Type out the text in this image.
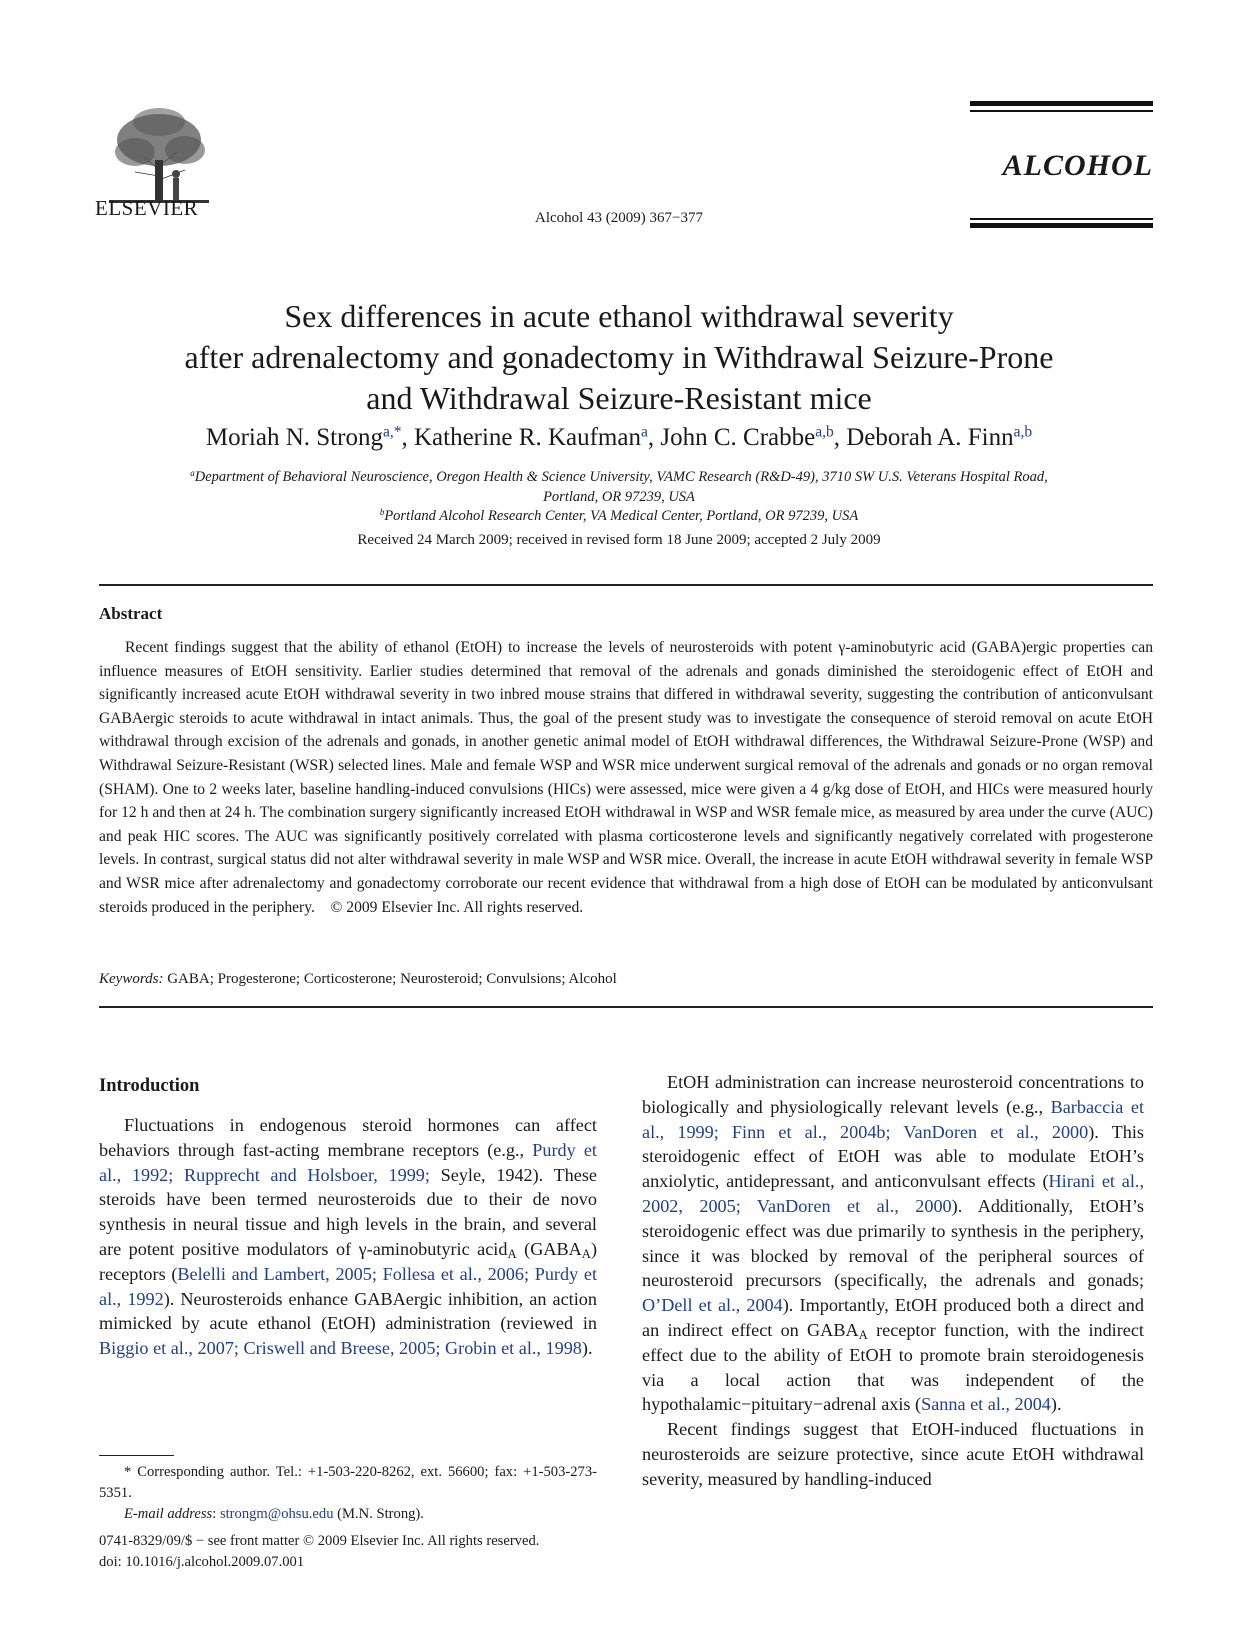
ELSEVIER	Alcohol 43 (2009) 367−377
ALCOHOL
Sex differences in acute ethanol withdrawal severity
after adrenalectomy and gonadectomy in Withdrawal Seizure-Prone
and Withdrawal Seizure-Resistant mice
Moriah N. Strong$^{a,*}$, Katherine R. Kaufman$^a$, John C. Crabbe$^{a,b}$, Deborah A. Finn$^{a,b}$
$^a$Department of Behavioral Neuroscience, Oregon Health & Science University, VAMC Research (R&D-49), 3710 SW U.S. Veterans Hospital Road,
Portland, OR 97239, USA
$^b$Portland Alcohol Research Center, VA Medical Center, Portland, OR 97239, USA
Received 24 March 2009; received in revised form 18 June 2009; accepted 2 July 2009
Abstract
Recent findings suggest that the ability of ethanol (EtOH) to increase the levels of neurosteroids with potent γ-aminobutyric acid (GABA)ergic properties can influence measures of EtOH sensitivity. Earlier studies determined that removal of the adrenals and gonads diminished the steroidogenic effect of EtOH and significantly increased acute EtOH withdrawal severity in two inbred mouse strains that differed in withdrawal severity, suggesting the contribution of anticonvulsant GABAergic steroids to acute withdrawal in intact animals. Thus, the goal of the present study was to investigate the consequence of steroid removal on acute EtOH withdrawal through excision of the adrenals and gonads, in another genetic animal model of EtOH withdrawal differences, the Withdrawal Seizure-Prone (WSP) and Withdrawal Seizure-Resistant (WSR) selected lines. Male and female WSP and WSR mice underwent surgical removal of the adrenals and gonads or no organ removal (SHAM). One to 2 weeks later, baseline handling-induced convulsions (HICs) were assessed, mice were given a 4 g/kg dose of EtOH, and HICs were measured hourly for 12 h and then at 24 h. The combination surgery significantly increased EtOH withdrawal in WSP and WSR female mice, as measured by area under the curve (AUC) and peak HIC scores. The AUC was significantly positively correlated with plasma corticosterone levels and significantly negatively correlated with progesterone levels. In contrast, surgical status did not alter withdrawal severity in male WSP and WSR mice. Overall, the increase in acute EtOH withdrawal severity in female WSP and WSR mice after adrenalectomy and gonadectomy corroborate our recent evidence that withdrawal from a high dose of EtOH can be modulated by anticonvulsant steroids produced in the periphery. © 2009 Elsevier Inc. All rights reserved.
Keywords: GABA; Progesterone; Corticosterone; Neurosteroid; Convulsions; Alcohol
Introduction
Fluctuations in endogenous steroid hormones can affect behaviors through fast-acting membrane receptors (e.g., Purdy et al., 1992; Rupprecht and Holsboer, 1999; Seyle, 1942). These steroids have been termed neurosteroids due to their de novo synthesis in neural tissue and high levels in the brain, and several are potent positive modulators of γ-aminobutyric acid$_A$ $(GABA_A)$ receptors (Belelli and Lambert, 2005; Follesa et al., 2006; Purdy et al., 1992). Neurosteroids enhance GABAergic inhibition, an action mimicked by acute ethanol (EtOH) administration (reviewed in Biggio et al., 2007; Criswell and Breese, 2005; Grobin et al., 1998).

EtOH administration can increase neurosteroid concentrations to biologically and physiologically relevant levels (e.g., Barbaccia et al., 1999; Finn et al., 2004b; VanDoren et al., 2000). This steroidogenic effect of EtOH was able to modulate EtOH’s anxiolytic, antidepressant, and anticonvulsant effects (Hirani et al., 2002, 2005; VanDoren et al., 2000). Additionally, EtOH’s steroidogenic effect was due primarily to synthesis in the periphery, since it was blocked by removal of the peripheral sources of neurosteroid precursors (specifically, the adrenals and gonads; O’Dell et al., 2004). Importantly, EtOH produced both a direct and an indirect effect on $GABA_A$ receptor function, with the indirect effect due to the ability of EtOH to promote brain steroidogenesis via a local action that was independent of the hypothalamic−pituitary−adrenal axis (Sanna et al., 2004).

Recent findings suggest that EtOH-induced fluctuations in neurosteroids are seizure protective, since acute EtOH withdrawal severity, measured by handling-induced

* Corresponding author. Tel.: +1-503-220-8262, ext. 56600; fax: +1-503-273-5351.
E-mail address: strongm@ohsu.edu (M.N. Strong).
0741-8329/09/$ − see front matter © 2009 Elsevier Inc. All rights reserved.
doi: 10.1016/j.alcohol.2009.07.001
